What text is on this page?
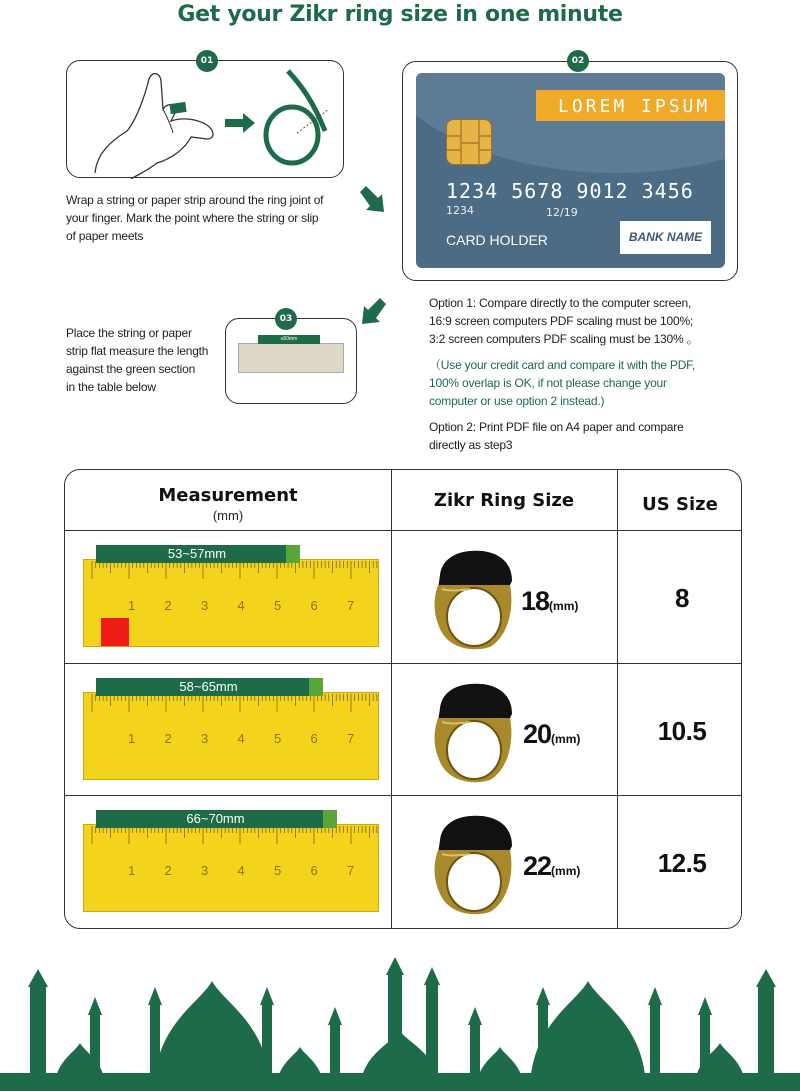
Get your Zikr ring size in one minute
01
Wrap a string or paper strip around the ring joint of
your finger. Mark the point where the string or slip
of paper meets
02
LOREM IPSUM
1234 5678 9012 3456
1234	12/19
CARD HOLDER	BANK NAME
Place the string or paper
strip flat measure the length
against the green section
in the table below
≤60mm
03
Option 1: Compare directly to the computer screen,
16:9 screen computers PDF scaling must be 100%;
3:2 screen computers PDF scaling must be 130% 。
（Use your credit card and compare it with the PDF,
100% overlap is OK, if not please change your
computer or use option 2 instead.)
Option 2: Print PDF file on A4 paper and compare
directly as step3
Measurement
(mm)
Zikr Ring Size	US Size
1 2 3 4 5 6 7
53~57mm
18(mm)	8
1 2 3 4 5 6 7
58~65mm
20(mm)	10.5
1 2 3 4 5 6 7
66~70mm
22(mm)	12.5
